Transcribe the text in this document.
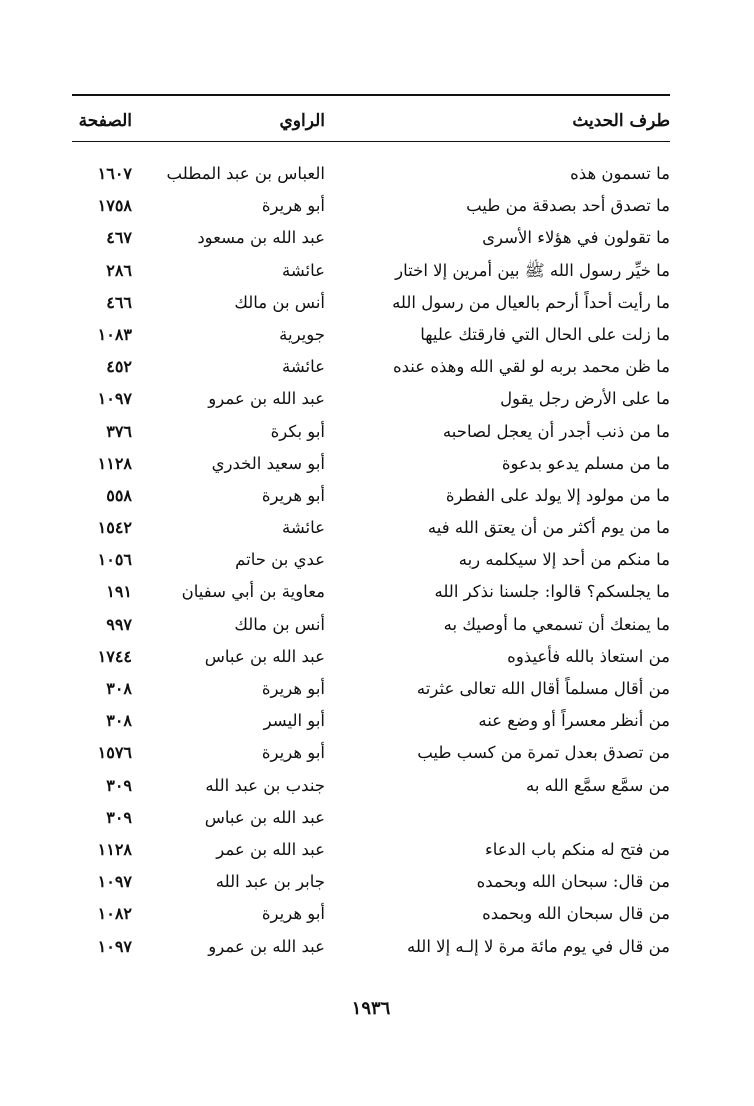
طرف الحديث
الراوي
الصفحة
ما تسمون هذه
العباس بن عبد المطلب
١٦٠٧
ما تصدق أحد بصدقة من طيب
أبو هريرة
١٧٥٨
ما تقولون في هؤلاء الأسرى
عبد الله بن مسعود
٤٦٧
ما خيِّر رسول الله ﷺ بين أمرين إلا اختار
عائشة
٢٨٦
ما رأيت أحداً أرحم بالعيال من رسول الله
أنس بن مالك
٤٦٦
ما زلت على الحال التي فارقتك عليها
جويرية
١٠٨٣
ما ظن محمد بربه لو لقي الله وهذه عنده
عائشة
٤٥٢
ما على الأرض رجل يقول
عبد الله بن عمرو
١٠٩٧
ما من ذنب أجدر أن يعجل لصاحبه
أبو بكرة
٣٧٦
ما من مسلم يدعو بدعوة
أبو سعيد الخدري
١١٢٨
ما من مولود إلا يولد على الفطرة
أبو هريرة
٥٥٨
ما من يوم أكثر من أن يعتق الله فيه
عائشة
١٥٤٢
ما منكم من أحد إلا سيكلمه ربه
عدي بن حاتم
١٠٥٦
ما يجلسكم؟ قالوا: جلسنا نذكر الله
معاوية بن أبي سفيان
١٩١
ما يمنعك أن تسمعي ما أوصيك به
أنس بن مالك
٩٩٧
من استعاذ بالله فأعيذوه
عبد الله بن عباس
١٧٤٤
من أقال مسلماً أقال الله تعالى عثرته
أبو هريرة
٣٠٨
من أنظر معسراً أو وضع عنه
أبو اليسر
٣٠٨
من تصدق بعدل تمرة من كسب طيب
أبو هريرة
١٥٧٦
من سمَّع سمَّع الله به
جندب بن عبد الله
٣٠٩
عبد الله بن عباس
٣٠٩
من فتح له منكم باب الدعاء
عبد الله بن عمر
١١٢٨
من قال: سبحان الله وبحمده
جابر بن عبد الله
١٠٩٧
من قال سبحان الله وبحمده
أبو هريرة
١٠٨٢
من قال في يوم مائة مرة لا إلـه إلا الله
عبد الله بن عمرو
١٠٩٧
١٩٣٦
